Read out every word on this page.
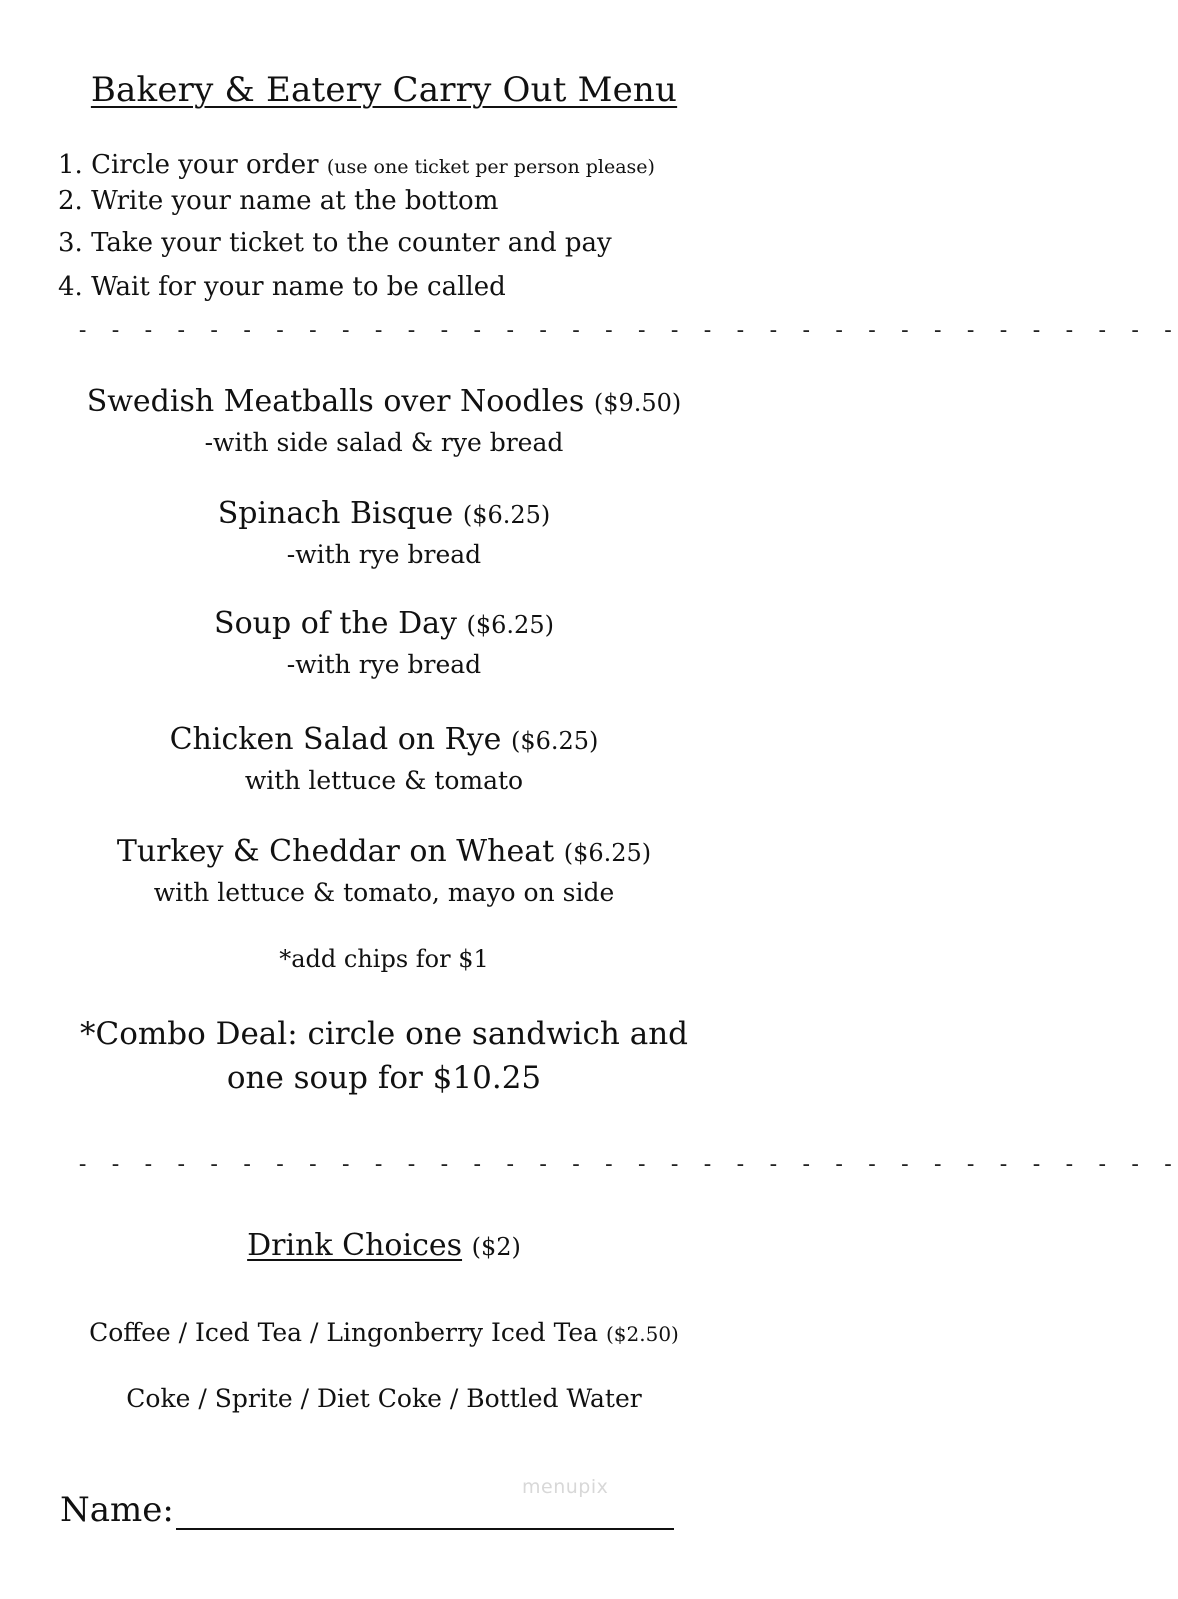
Bakery & Eatery Carry Out Menu
1. Circle your order (use one ticket per person please)
2. Write your name at the bottom
3. Take your ticket to the counter and pay
4. Wait for your name to be called
- - - - - - - - - - - - - - - - - - - - - - - - - - - - - - - - - -
Swedish Meatballs over Noodles ($9.50)
-with side salad & rye bread
Spinach Bisque ($6.25)
-with rye bread
Soup of the Day ($6.25)
-with rye bread
Chicken Salad on Rye ($6.25)
with lettuce & tomato
Turkey & Cheddar on Wheat ($6.25)
with lettuce & tomato, mayo on side
*add chips for $1
*Combo Deal: circle one sandwich and
one soup for $10.25
- - - - - - - - - - - - - - - - - - - - - - - - - - - - - - - - - -
Drink Choices ($2)
Coffee / Iced Tea / Lingonberry Iced Tea ($2.50)
Coke / Sprite / Diet Coke / Bottled Water
menupix
Name:
